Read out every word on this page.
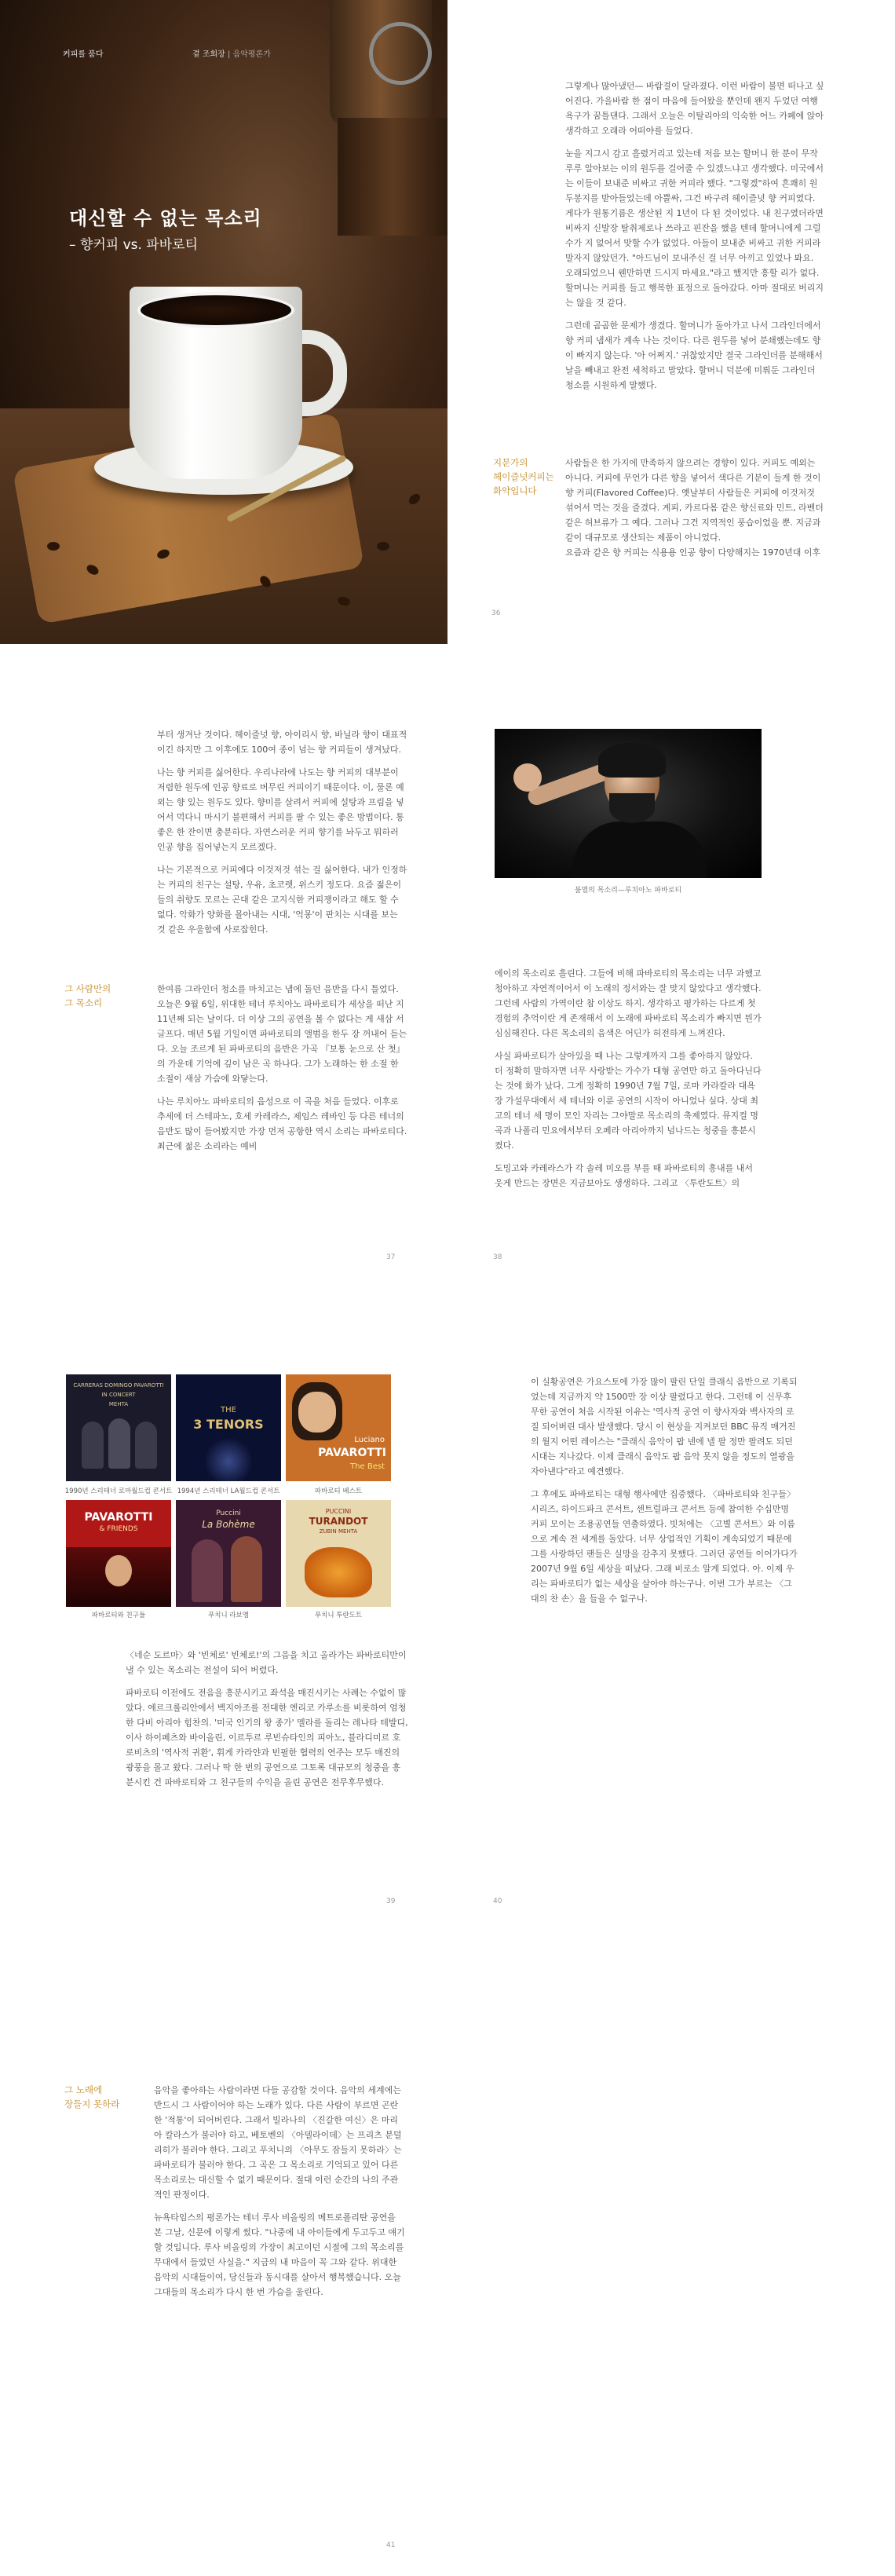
커피를 품다	곁 조회장 | 음악평론가
대신할 수 없는 목소리
– 향커피 vs. 파바로티

그렇게나 많아냈던— 바람결이 달라졌다. 이런 바람이 불면 떠나고 싶어진다. 가을바람 한 점이 마음에 들어왔을 뿐인데 왠지 두었던 여행욕구가 꿈틀댄다. 그래서 오늘은 이탈리아의 익숙한 어느 카페에 앉아 생각하고 오래라 어떠야를 들었다.

눈을 지그시 감고 흘렸거리고 있는데 저음 보는 할머니 한 분이 무작루루 알아보는 이의 원두를 걸어줄 수 있겠느냐고 생각했다. 미국에서는 이들이 보내준 비싸고 귀한 커피라 했다. "그렇겠"하여 흔쾌히 원두봉지를 받아들었는데 아뿔싸, 그건 바구려 헤이즐넛 향 커피였다. 게다가 원통기름은 생산된 지 1년이 다 된 것이었다. 내 친구였더라면 비싸지 신발장 탈취제로나 쓰라고 핀잔을 했을 텐데 할머니에게 그럴수가 지 없어서 맞할 수가 없었다. 아들이 보내준 비싸고 귀한 커피라 말자지 않았던가. "아드님이 보내주신 걸 너무 아끼고 있었나 봐요. 오래되었으니 웬만하면 드시지 마세요."라고 했지만 흥할 리가 없다. 할머니는 커피를 들고 행복한 표정으로 돌아갔다. 아마 절대로 버리지는 않을 것 같다.

그런데 곰곰한 문제가 생겼다. 할머니가 돌아가고 나서 그라인더에서 향 커피 냄새가 계속 나는 것이다. 다른 원두를 넣어 분쇄했는데도 향이 빠지지 않는다. '아 어쩌지.' 귀찮았지만 결국 그라인더를 분해해서 날을 빼내고 완전 세척하고 말았다. 할머니 덕분에 미뤄둔 그라인더 청소를 시원하게 말했다.

지문가의
헤이즐넛커피는
화약입니다

사람들은 한 가지에 만족하지 않으려는 경향이 있다. 커피도 예외는 아니다. 커피에 무언가 다른 향을 넣어서 색다른 기분이 들게 한 것이 향 커피(Flavored Coffee)다. 옛날부터 사람들은 커피에 이것저것 섞어서 먹는 것을 즐겼다. 계피, 카르다몸 같은 향신료와 민트, 라벤더 같은 허브류가 그 예다. 그러나 그건 지역적인 풍습이었을 뿐. 지금과 같이 대규모로 생산되는 제품이 아니었다.
요즘과 같은 향 커피는 식용용 인공 향이 다양해지는 1970년대 이후

36

부터 생겨난 것이다. 헤이즐넛 향, 아이리시 향, 바닐라 향이 대표적이긴 하지만 그 이후에도 100여 종이 넘는 향 커피들이 생겨났다.

나는 향 커피를 싫어한다. 우리나라에 나도는 향 커피의 대부분이 저렴한 원두에 인공 향료로 버무린 커피이기 때문이다. 이, 물론 예외는 향 있는 원두도 있다. 향미를 살려서 커피에 설탕과 프림을 넣어서 먹다니 마시기 불편해서 커피를 팔 수 있는 좋은 방법이다. 통 좋은 한 잔이면 충분하다. 자연스러운 커피 향기를 놔두고 뭐하러 인공 향을 집어넣는지 모르겠다.

나는 기본적으로 커피에다 이것저것 섞는 걸 싫어한다. 내가 인정하는 커피의 친구는 설탕, 우유, 초코렛, 위스키 정도다. 요즘 젊은이들의 취향도 모르는 곤대 같은 고지식한 커피쟁이라고 해도 할 수 없다. 악화가 양화를 몰아내는 시대, '억몽'이 판치는 시대를 보는 것 같은 우울함에 사로잡힌다.

그 사람만의
그 목소리

한여름 그라인더 청소를 마치고는 냅에 돌던 음반을 다시 틀었다. 오늘은 9월 6일, 위대한 테너 루치아노 파바로티가 세상을 떠난 지 11년째 되는 날이다. 더 이상 그의 공연을 볼 수 없다는 게 새삼 서글프다. 매년 5월 기일이면 파바로티의 앨범을 한두 장 꺼내어 듣는다. 오늘 조르게 된 파바로티의 음반은 가곡 『보통 눈으로 산 첫』의 가운데 기억에 깊이 남은 곡 하나다. 그가 노래하는 한 소절 한 소절이 새삼 가슴에 와닿는다.

나는 루치아노 파바로티의 음성으로 이 곡을 처음 들었다. 이후로 추세에 더 스테파노, 호세 카레라스, 제임스 레바인 등 다른 테너의 음반도 많이 들어봤지만 가장 먼저 공항한 역시 소리는 파바로티다. 최근에 젊은 소리라는 예비

37
불멸의 목소리—루치아노 파바로티

에이의 목소리로 흘린다. 그들에 비해 파바로티의 목소리는 너무 과했고 청아하고 자연적이어서 이 노래의 정서와는 잘 맞지 않았다고 생각했다. 그런데 사람의 가역이란 참 이상도 하지. 생각하고 평가하는 다르게 첫 경험의 추억이란 게 존재해서 이 노래에 파바로티 목소리가 빠지면 뭔가 심심해진다. 다른 목소리의 음색은 어딘가 허전하게 느껴진다.

사실 파바로티가 살아있을 때 나는 그렇게까지 그를 좋아하지 않았다. 더 정확히 말하자면 너무 사랑받는 가수가 대형 공연만 하고 돌아다닌다는 것에 화가 났다. 그게 정확히 1990년 7월 7일, 로마 카라칼라 대욕장 가설무대에서 세 테너와 이룬 공연의 시작이 아니었나 싶다. 상대 최고의 테너 세 명이 모인 자리는 그야말로 목소리의 축제였다. 뮤지컬 명곡과 나폴리 민요에서부터 오페라 아리아까지 넘나드는 청중을 흥분시켰다.

도밍고와 카레라스가 각 솔레 미오를 부를 때 파바로티의 흥내를 내서 웃게 만드는 장면은 지금보아도 생생하다. 그리고 〈투란도트〉의

38
CARRERAS DOMINGO PAVAROTTI
IN CONCERT
MEHTA
1990년 스리테너 로마월드컵 콘서트
THE
3 TENORS
1994년 스리테너 LA월드컵 콘서트
Luciano
PAVAROTTI
The Best
파바로티 베스트
PAVAROTTI
& FRIENDS
파바로티와 친구들
Puccini
La Bohème
푸치니 라보엠
PUCCINI
TURANDOT
ZUBIN MEHTA
푸치니 투란도트

〈네순 도르마〉와 '빈체로' 빈체로!'의 그음을 치고 올라가는 파바로티만이 낼 수 있는 목소리는 전설이 되어 버렸다.

파바로티 이전에도 전음을 흥분시키고 좌석을 매진시키는 사례는 수없이 많았다. 에르크롤리안에서 벡지아조를 전대한 엔리코 카루소를 비롯하여 엄청한 다비 아리아 힘찬의. '미국 인기의 왕 종가' 멜라를 돌리는 레나타 테발디, 이사 하이페츠와 바이올린, 이르투르 루빈슈타인의 피아노, 블라디미르 호로비츠의 '역사적 귀환', 휘게 카라얀과 빈필한 협력의 연주는 모두 매진의 광풍을 몰고 왔다. 그러나 딱 한 번의 공연으로 그토록 대규모의 청중을 흥분시킨 건 파바로티와 그 친구들의 수익을 올린 공연은 전무후무했다.

39

이 실황공연은 가요스토에 가장 많이 팔린 단일 클래식 음반으로 기록되었는데 지금까지 약 1500만 장 이상 팔렸다고 한다. 그런데 이 신무후무한 공연이 처음 시작된 이유는 '역사적 공연 이 향사자와 백사자의 로 질 되어버린 대사 발생했다. 당시 이 현상을 지켜보던 BBC 뮤직 매거진의 월지 어떤 레이스는 "클래식 음악이 팝 넨에 넬 팔 정만 팔려도 되던 시대는 지나갔다. 이제 클래식 음악도 팝 음악 못지 않을 정도의 열광을 자아낸다"라고 예견했다.

그 후에도 파바로티는 대형 행사에만 집중했다. 〈파바로티와 친구들〉 시리즈, 하이드파크 콘서트, 센트럴파크 콘서트 등에 참여한 수십만명 커피 모이는 조용공연들 연출하였다. 빗처에는 〈고별 콘서트〉와 이름으로 계속 전 세계를 돌았다. 너무 상업적인 기획이 계속되었기 때문에 그를 사랑하던 팬들은 실망을 감추지 못했다. 그러던 공연들 이어가다가 2007년 9월 6일 세상을 떠났다. 그래 비로소 알게 되었다. 아. 이제 우리는 파바로티가 없는 세상을 살아야 하는구나. 이번 그가 부르는 〈그대의 찬 손〉을 들을 수 없구나.

40
그 노래에
장들지 못하라

음악을 좋아하는 사람이라면 다들 공감할 것이다. 음악의 세계에는 반드시 그 사람이어야 하는 노래가 있다. 다른 사람이 부르면 곤란한 '적통'이 되어버린다. 그래서 빌라나의 〈진갈한 여신〉은 마리아 칼라스가 불러야 하고, 베토벤의 〈아델라이데〉는 프리츠 분덜리히가 불러야 한다. 그리고 푸치니의 〈아무도 잠들지 못하라〉는 파바로티가 불러야 한다. 그 곡은 그 목소리로 기억되고 있어 다른 목소리로는 대신할 수 없기 때문이다. 절대 이런 순간의 나의 주관적인 판정이다.

뉴욕타임스의 평론가는 테너 루사 비올링의 메트로폴리탄 공연을 본 그날, 신문에 이렇게 썼다. "나중에 내 아이들에게 두고두고 얘기할 것입니다. 루사 비올링의 가장이 최고이던 시절에 그의 목소리를 무대에서 들었던 사실을." 지금의 내 마음이 꼭 그와 같다. 위대한 음악의 시대들이여, 당신들과 동시대를 살아서 행복했습니다. 오늘 그대들의 목소리가 다시 한 번 가슴을 울린다.

41
